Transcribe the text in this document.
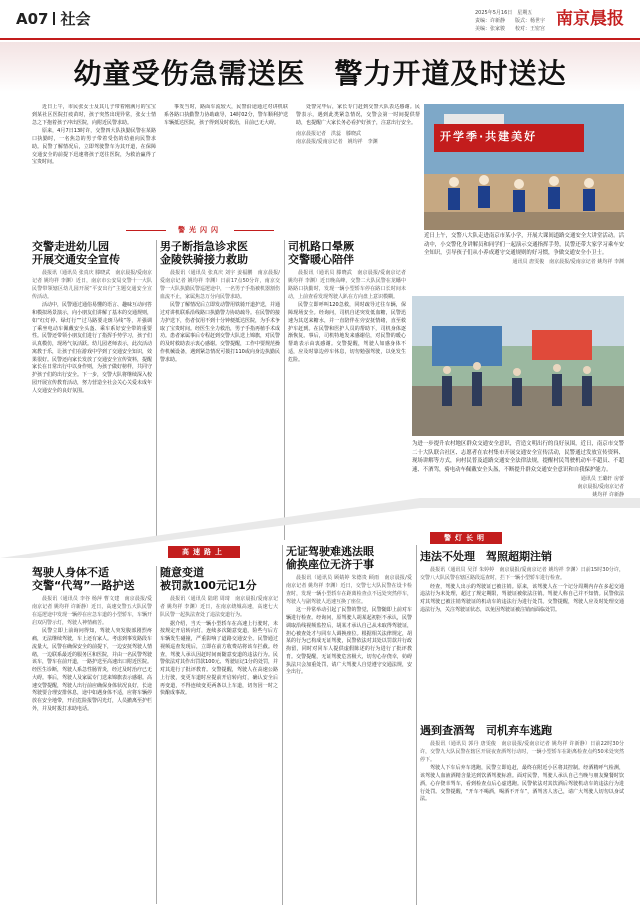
A07 社会	2025年5月16日　星期五
责编：许新静　　版式：杨世宇
美编：张家骏　　校对：王密宫 南京晨报
幼童受伤急需送医　警力开道及时送达

近日上午，市民张女士及其儿子带着刚满月的宝宝到某社区医院打疫苗时，孩子突然出现异常，张女士情急之下抱着孩子冲出医院，向附近民警求助。

原来，4月7日13时许，交警四大队执勤民警在某路口执勤时，一名焦急的男子带着受伤的幼童向民警求助。民警了解情况后，立即驾驶警车为其开道，在保障交通安全的前提下迅速将孩子送往医院，为救治赢得了宝贵时间。

事发当时，路面车流较大，民警沿途通过对讲机联系各路口执勤警力协助疏导，14时02分，警车顺利护送车辆抵达医院，孩子得到及时救治，目前已无大碍。

处警完毕后，家长专门赶到交警大队表达感谢。民警表示，遇到此类紧急情况，交警会第一时间提供帮助，也提醒广大家长务必看护好孩子，注意出行安全。

南京晨报记者　洪蕊　滕晓武
南京晨报/爱南京记者　姚均祥　李渊	开学季·共建美好
近日上午，交警八大队走进南京市某小学，开展大课间道路交通安全大讲堂活动。活动中，小交警化身讲解员和同学们一起演示交通指挥手势，民警还带大家学习乘车安全知识，引导孩子们从小养成遵守交通规则的好习惯，争做交通安全小卫士。
通讯员 唐雯俊　南京晨报/爱南京记者 姚均祥 李渊
警光闪闪
交警走进幼儿园
开展交通安全宣传

晨报讯（通讯员 张真庆 滕晓武　南京晨报/爱南京记者 姚均祥 李渊）近日，南京市公安局交警十一大队民警带领辖区幼儿园开展“平安出行”主题交通安全宣传活动。

活动中，民警通过通俗易懂的语言、趣味互动问答和模拟场景演示，向小朋友们讲解了基本的交通规则，如“红灯停、绿灯行”“过马路要走斑马线”等，并强调了乘坐电动车佩戴安全头盔、乘车系好安全带的重要性。民警还带领小朋友们进行了指挥手势学习，孩子们认真模仿，现场气氛活跃。幼儿园老师表示，此次活动寓教于乐，让孩子们在游戏中学到了交通安全知识，效果很好。民警还向家长发放了交通安全宣传资料，提醒家长在日常出行中以身作则，为孩子做好榜样，共同守护孩子们的出行安全。下一步，交警大队将继续深入校园开展宣传教育活动，努力营造全社会关心关爱未成年人交通安全的良好氛围。

男子断指急诊求医
金陵铁骑接力救助

晨报讯（通讯员 张真庆 刘宇 姜福鹏　南京晨报/爱南京记者 姚均祥 李渊）日前17点50分许，南京交警一大队执勤民警巡逻途中，一名男子手指被机器割伤血流不止，家属焦急万分向民警求助。

民警了解情况后立即发动警用铁骑开道护送，并通过对讲机联系沿线路口执勤警力协助疏导。在民警的接力护送下，伤者仅用不到十分钟便抵达医院，为手术争取了宝贵时间。经医生全力救治，男子手指再植手术成功。患者家属事后专程赶到交警大队送上锦旗，对民警的及时救助表示衷心感谢。交警提醒，工作中要规范操作机械设备，遇到紧急情况可拨打110或向身边执勤民警求助。

司机路口晕厥
交警暖心陪伴

晨报讯（通讯员 滕晓武　南京晨报/爱南京记者 姚均祥 李渊）近日晚高峰，交警二大队民警在龙蟠中路路口执勤时，发现一辆小型轿车停在路口长时间未动，上前查看发现驾驶人趴在方向盘上意识模糊。

民警立即呼叫120急救，同时疏导过往车辆，保障现场安全。经询问，司机自述突发低血糖，民警迅速为其送来糖水，并一直陪伴在旁安抚情绪，直至救护车赶到。在民警和医护人员的帮助下，司机身体逐渐恢复。事后，司机特地发来感谢信，对民警的暖心帮助表示由衷感谢。交警提醒，驾驶人如感身体不适，应及时靠边停车休息，切勿勉强驾驶，以免发生危险。

为进一步提升农村地区群众交通安全意识，营造文明出行的良好氛围，近日，南京市交警二十大队联合社区、志愿者在农村集市开展交通安全宣传活动，民警通过发放宣传资料、现场讲解等方式，向村民普及道路交通安全法律法规，提醒村民驾驶机动车不超员、不超速、不酒驾，骑电动车佩戴安全头盔，不断提升群众交通安全意识和自我保护能力。
通讯员 王璐轩 房蕾
南京晨报/爱南京记者
姚均祥 许新静
高速路上
警灯长明
驾驶人身体不适
交警“代驾”一路护送

晨报讯（通讯员 李谷 杨萍 曹文建　南京晨报/爱南京记者 姚均祥 许新静）近日，高速交警五大队民警在巡逻途中发现一辆停在应急车道的小型轿车，车辆开启双闪警示灯，驾驶人神情痛苦。

民警立即上前询问得知，驾驶人突发腹部剧烈疼痛，无法继续驾驶，车上还有家人。考虑到事发路段车流量大，民警在确保安全的前提下，一边安抚驾驶人情绪，一边联系最近的服务区和医院，并由一名民警驾驶该车，警车在前开道，一路护送至高速出口附近医院。经医生诊断，驾驶人系急性肠胃炎，经过及时治疗已无大碍。事后，驾驶人及家属专门送来锦旗表示感谢。高速交警提醒，驾驶人出行前应确保身体状况良好，长途驾驶要合理安排休息，途中如遇身体不适，应将车辆停放在安全地带，开启危险报警闪光灯，人员撤离至护栏外，并及时拨打求助电话。

随意变道
被罚款100元记1分

晨报讯（通讯员 陆珺 周琦　南京晨报/爱南京记者 姚均祥 李渊）近日，在南京绕城高速，高速七大队民警一起执法查处了违法变道行为。

据介绍，当天一辆小型轿车在高速上行驶时，未按规定开启转向灯，连续多次随意变道，险些与后方车辆发生碰撞，严重影响了道路交通安全。民警通过视频巡查发现后，立即在前方收费站将该车拦截。经查，驾驶人承认因赶时间而随意变道的违法行为。民警依法对其作出罚款100元、驾驶证记1分的处罚，并对其进行了批评教育。交警提醒，驾驶人在高速公路上行驶，变更车道时应提前开启转向灯，确认安全后再变道，不得连续变更两条以上车道，切勿因一时之快酿成事故。

无证驾驶难逃法眼
偷换座位无济于事

晨报讯（通讯员 顾婧婷 朱德贵 顾雨　南京晨报/爱南京记者 姚均祥 李渊）近日，交警七大队民警在设卡检查时，发现一辆小型轿车在距离检查点不远处突然停车，驾驶人与副驾驶人迅速互换了座位。

这一异常举动引起了民警的警觉，民警随即上前对车辆进行检查。经询问，原驾驶人胡某起初拒不承认，民警调取沿线视频监控后，胡某才承认自己从未取得驾驶证，担心被查处才与同车人调换座位。根据相关法律规定，胡某的行为已构成无证驾驶，民警依法对其处以罚款并行政拘留，同时对同车人提供虚假陈述的行为进行了批评教育。交警提醒，无证驾驶危害极大，切勿心存侥幸，妨碍执法只会加重处罚，请广大驾驶人自觉遵守交通法规，安全出行。

违法不处理　驾照超期注销

晨报讯（通讯员 吴洋 朱婷婷　南京晨报/爱南京记者 姚均祥 李渊）日前15时30分许，交警八大队民警在辖区路段巡查时，拦下一辆小型轿车进行检查。

经查，驾驶人出示的驾驶证已被注销。原来，该驾驶人在一个记分周期内存在多起交通违法行为未处理，超过了规定期限，驾驶证被依法注销。驾驶人称自己并不知情。民警依法对其驾驶已被注销驾驶证的机动车的违法行为进行处罚。交警提醒，驾驶人应及时处理交通违法行为，关注驾驶证状态，以免因驾驶证被注销而面临处罚。

遇到查酒驾　司机弃车逃跑

晨报讯（通讯员 郭丹 唐雯俊　南京晨报/爱南京记者 姚均祥 许新静）日前22时30分许，交警九大队民警在辖区开展夜查酒驾行动时，一辆小型轿车在距离检查点约50米处突然停下。

驾驶人下车后弃车逃跑，民警立即追赶，最终在附近小区将其控制。经酒精呼气检测，该驾驶人血液酒精含量达到饮酒驾驶标准。面对民警，驾驶人承认自己当晚与朋友聚餐时饮酒，心存侥幸驾车，看到检查点后心虚逃跑。民警依法对其饮酒后驾驶机动车的违法行为进行处罚。交警提醒，“开车不喝酒，喝酒不开车”，酒驾害人害己，请广大驾驶人切勿以身试法。
